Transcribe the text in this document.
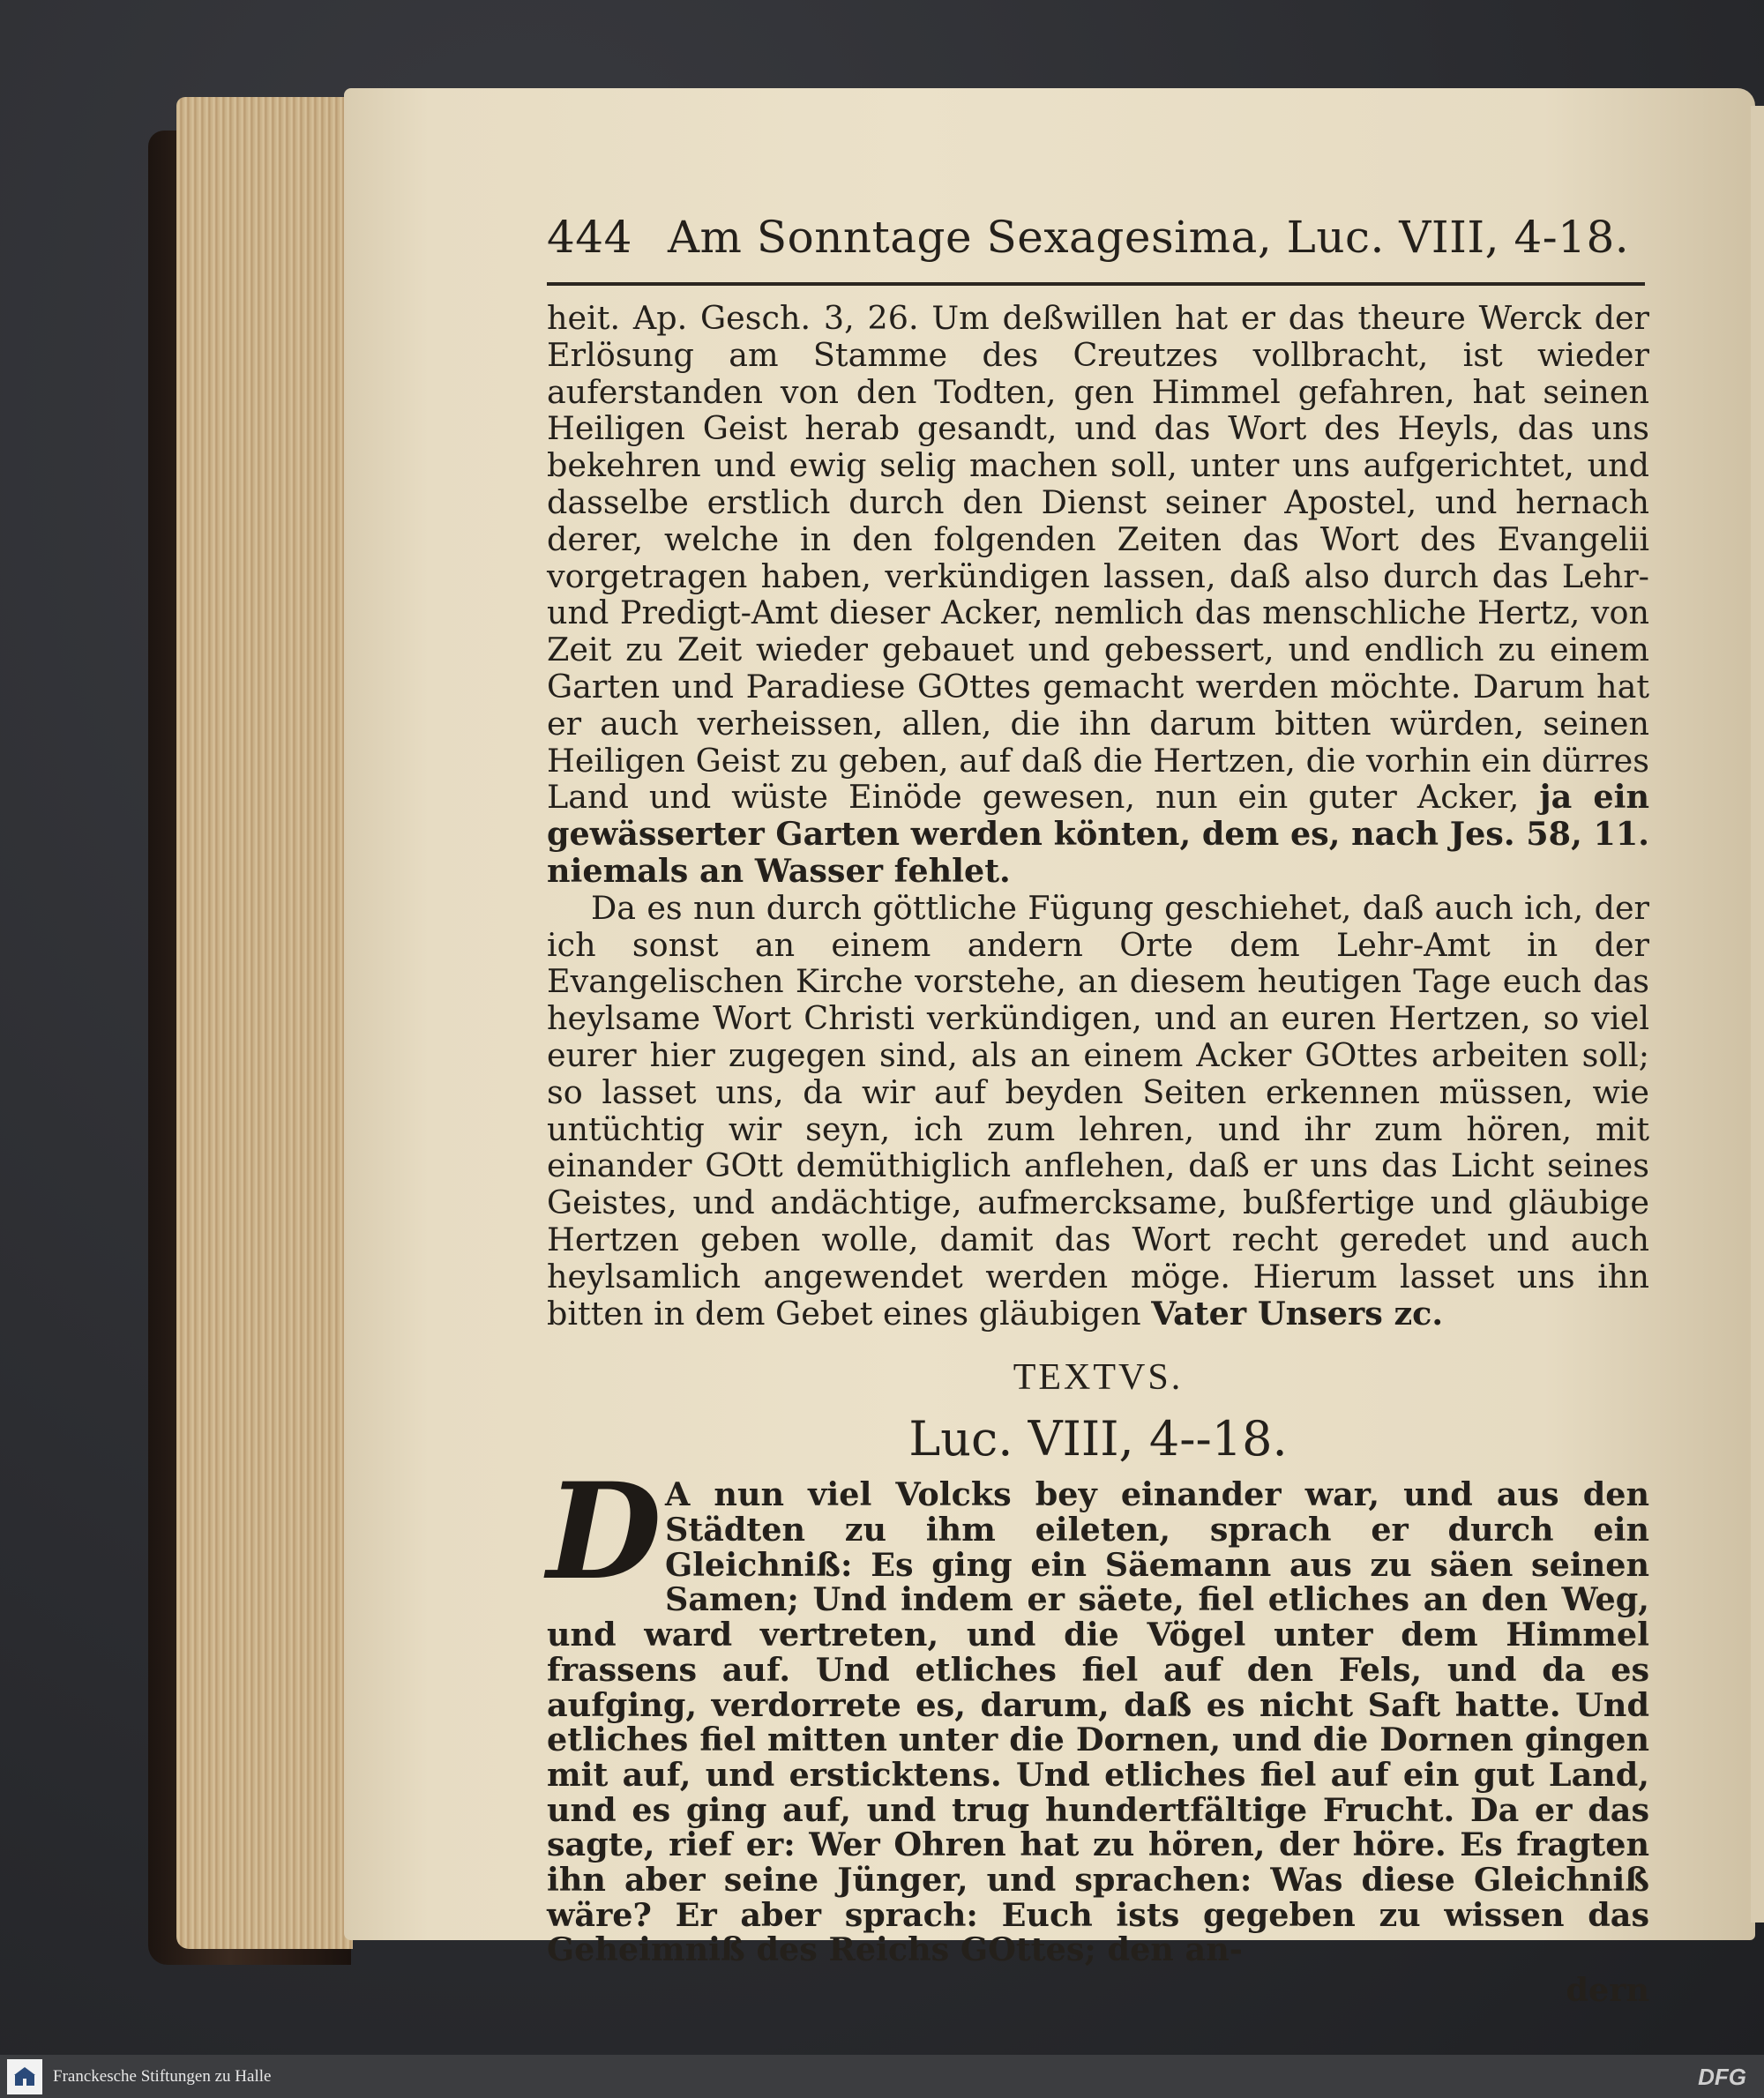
444 Am Sonntage Sexagesima, Luc. VIII, 4-18.

heit. Ap. Gesch. 3, 26. Um deßwillen hat er das theure Werck der Erlösung am Stamme des Creutzes vollbracht, ist wieder auferstanden von den Todten, gen Himmel gefahren, hat seinen Heiligen Geist herab gesandt, und das Wort des Heyls, das uns bekehren und ewig selig machen soll, unter uns aufgerichtet, und dasselbe erstlich durch den Dienst seiner Apostel, und hernach derer, welche in den folgenden Zeiten das Wort des Evangelii vorgetragen haben, verkündigen lassen, daß also durch das Lehr- und Predigt-Amt dieser Acker, nemlich das menschliche Hertz, von Zeit zu Zeit wieder gebauet und gebessert, und endlich zu einem Garten und Paradiese GOttes gemacht werden möchte. Darum hat er auch verheissen, allen, die ihn darum bitten würden, seinen Heiligen Geist zu geben, auf daß die Hertzen, die vorhin ein dürres Land und wüste Einöde gewesen, nun ein guter Acker, ja ein gewässerter Garten werden könten, dem es, nach Jes. 58, 11. niemals an Wasser fehlet.

Da es nun durch göttliche Fügung geschiehet, daß auch ich, der ich sonst an einem andern Orte dem Lehr-Amt in der Evangelischen Kirche vorstehe, an diesem heutigen Tage euch das heylsame Wort Christi verkündigen, und an euren Hertzen, so viel eurer hier zugegen sind, als an einem Acker GOttes arbeiten soll; so lasset uns, da wir auf beyden Seiten erkennen müssen, wie untüchtig wir seyn, ich zum lehren, und ihr zum hören, mit einander GOtt demüthiglich anflehen, daß er uns das Licht seines Geistes, und andächtige, aufmercksame, bußfertige und gläubige Hertzen geben wolle, damit das Wort recht geredet und auch heylsamlich angewendet werden möge. Hierum lasset uns ihn bitten in dem Gebet eines gläubigen Vater Unsers zc.

TEXTVS.
Luc. VIII, 4--18.
D A nun viel Volcks bey einander war, und aus den Städten zu ihm eileten, sprach er durch ein Gleichniß: Es ging ein Säemann aus zu säen seinen Samen; Und indem er säete, fiel etliches an den Weg, und ward vertreten, und die Vögel unter dem Himmel frassens auf. Und etliches fiel auf den Fels, und da es aufging, verdorrete es, darum, daß es nicht Saft hatte. Und etliches fiel mitten unter die Dornen, und die Dornen gingen mit auf, und ersticktens. Und etliches fiel auf ein gut Land, und es ging auf, und trug hundertfältige Frucht. Da er das sagte, rief er: Wer Ohren hat zu hören, der höre. Es fragten ihn aber seine Jünger, und sprachen: Was diese Gleichniß wäre? Er aber sprach: Euch ists gegeben zu wissen das Geheimniß des Reichs GOttes; den an-
dern
Franckesche Stiftungen zu Halle	DFG
